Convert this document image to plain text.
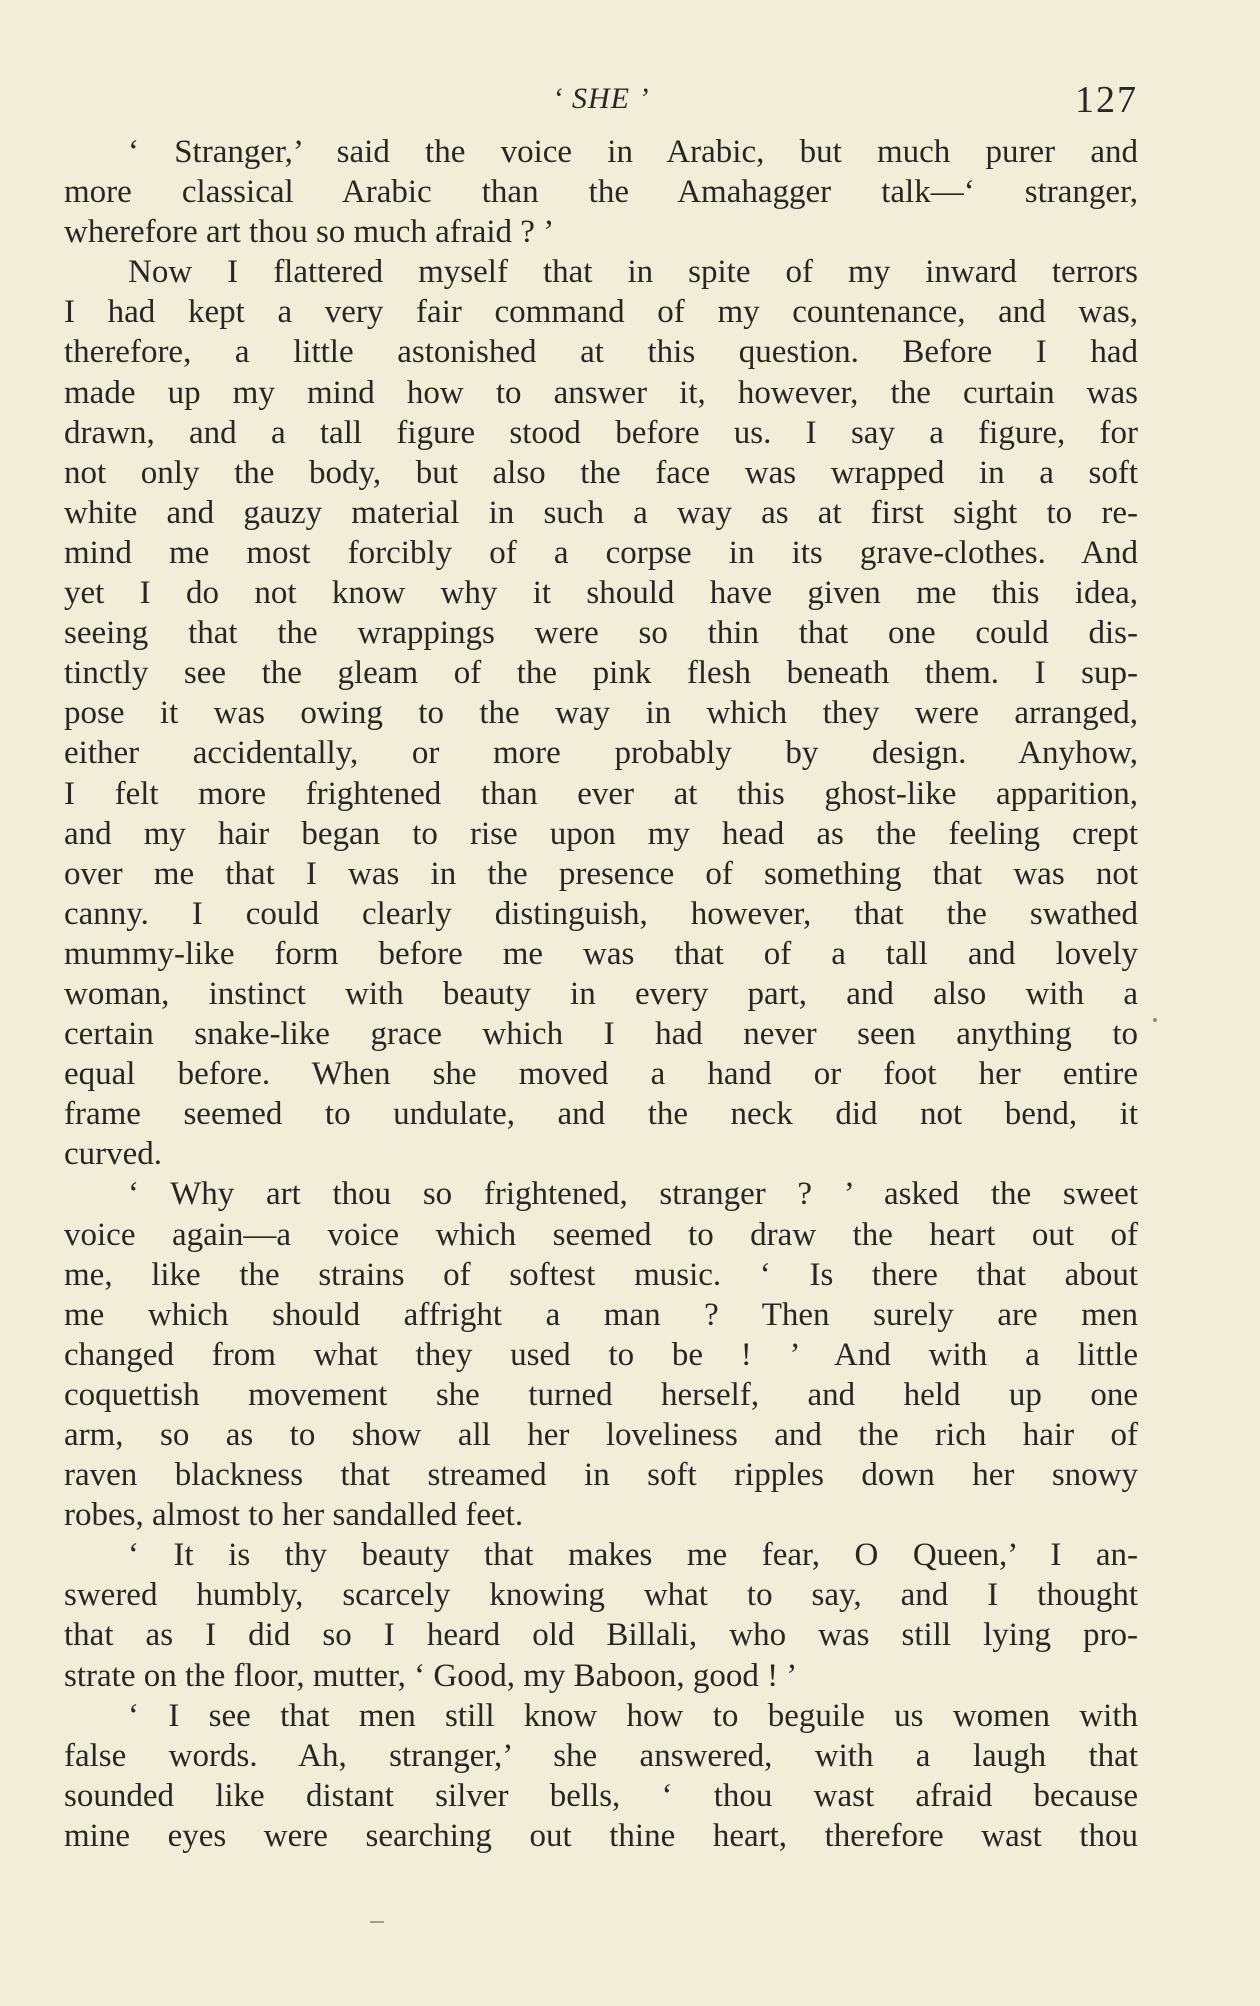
‘ SHE ’	127
‘ Stranger,’ said the voice in Arabic, but much purer and
more classical Arabic than the Amahagger talk—‘ stranger,
wherefore art thou so much afraid ? ’
Now I flattered myself that in spite of my inward terrors
I had kept a very fair command of my countenance, and was,
therefore, a little astonished at this question. Before I had
made up my mind how to answer it, however, the curtain was
drawn, and a tall figure stood before us. I say a figure, for
not only the body, but also the face was wrapped in a soft
white and gauzy material in such a way as at first sight to re-
mind me most forcibly of a corpse in its grave-clothes. And
yet I do not know why it should have given me this idea,
seeing that the wrappings were so thin that one could dis-
tinctly see the gleam of the pink flesh beneath them. I sup-
pose it was owing to the way in which they were arranged,
either accidentally, or more probably by design. Anyhow,
I felt more frightened than ever at this ghost-like apparition,
and my hair began to rise upon my head as the feeling crept
over me that I was in the presence of something that was not
canny. I could clearly distinguish, however, that the swathed
mummy-like form before me was that of a tall and lovely
woman, instinct with beauty in every part, and also with a
certain snake-like grace which I had never seen anything to
equal before. When she moved a hand or foot her entire
frame seemed to undulate, and the neck did not bend, it
curved.
‘ Why art thou so frightened, stranger ? ’ asked the sweet
voice again—a voice which seemed to draw the heart out of
me, like the strains of softest music. ‘ Is there that about
me which should affright a man ? Then surely are men
changed from what they used to be ! ’ And with a little
coquettish movement she turned herself, and held up one
arm, so as to show all her loveliness and the rich hair of
raven blackness that streamed in soft ripples down her snowy
robes, almost to her sandalled feet.
‘ It is thy beauty that makes me fear, O Queen,’ I an-
swered humbly, scarcely knowing what to say, and I thought
that as I did so I heard old Billali, who was still lying pro-
strate on the floor, mutter, ‘ Good, my Baboon, good ! ’
‘ I see that men still know how to beguile us women with
false words. Ah, stranger,’ she answered, with a laugh that
sounded like distant silver bells, ‘ thou wast afraid because
mine eyes were searching out thine heart, therefore wast thou
